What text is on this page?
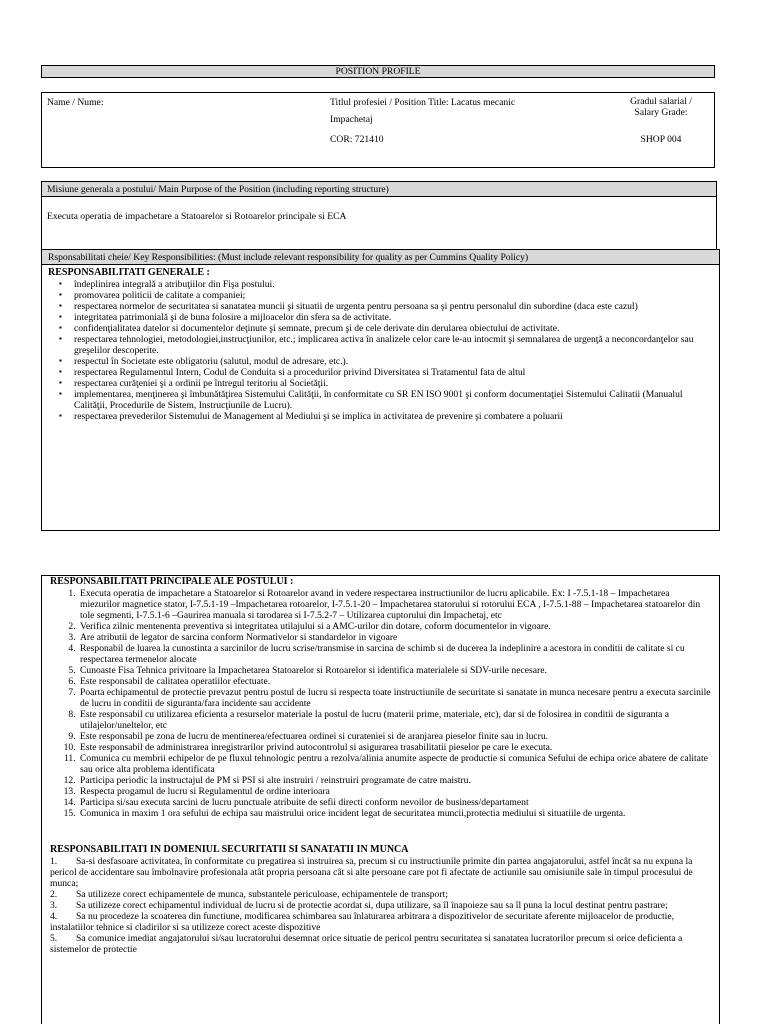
POSITION PROFILE
Name / Nume:	Titlul profesiei / Position Title: Lacatus mecanic
Impachetaj
COR: 721410
Gradul salarial /
Salary Grade:
SHOP 004
Misiune generala a postului/ Main Purpose of the Position (including reporting structure)

Executa operatia de impachetare a Statoarelor si Rotoarelor principale si ECA

Rsponsabilitati cheie/ Key Responsibilities: (Must include relevant responsibility for quality as per Cummins Quality Policy)
RESPONSABILITATI GENERALE :
▪ îndeplinirea integrală a atribuţiilor din Fişa postului.
▪ promovarea politicii de calitate a companiei;
▪ respectarea normelor de securitatea si sanatatea muncii şi situatii de urgenta pentru persoana sa şi pentru personalul din subordine (daca este cazul)
▪ integritatea patrimonială şi de buna folosire a mijloacelor din sfera sa de activitate.
▪ confidenţialitatea datelor si documentelor deţinute şi semnate, precum şi de cele derivate din derularea obiectului de activitate.
▪ respectarea tehnologiei, metodologiei,instrucţiunilor, etc.; implicarea activa în analizele celor care le-au intocmit şi semnalarea de urgenţă a neconcordanţelor sau greşelilor descoperite.
▪ respectul în Societate este obligatoriu (salutul, modul de adresare, etc.).
▪ respectarea Regulamentul Intern, Codul de Conduita si a procedurilor privind Diversitatea si Tratamentul fata de altul
▪ respectarea curăţeniei şi a ordinii pe întregul teritoriu al Societăţii.
▪ implementarea, menţinerea şi îmbunătăţirea Sistemului Calităţii, în conformitate cu SR EN ISO 9001 şi conform documentaţiei Sistemului Calitatii (Manualul Calităţii, Procedurile de Sistem, Instrucţiunile de Lucru).
▪ respectarea prevederilor Sistemului de Management al Mediului şi se implica in activitatea de prevenire şi combatere a poluarii
RESPONSABILITATI PRINCIPALE ALE POSTULUI :
1. Executa operatia de impachetare a Statoarelor si Rotoarelor avand in vedere respectarea instructiunilor de lucru aplicabile. Ex: I -7.5.1-18 – Impachetarea miezurilor magnetice stator, I-7.5.1-19 –Impachetarea rotoarelor, I-7.5.1-20 – Impachetarea statorului si rotorului ECA , I-7.5.1-88 – Impachetarea statoarelor din tole segmenti, I-7.5.1-6 –Gaurirea manuala si tarodarea si I-7.5.2-7 – Utilizarea cuptorului din Impachetaj, etc
2. Verifica zilnic mentenenta preventiva si integritatea utilajului si a AMC-urilor din dotare, coform documentelor in vigoare.
3. Are atributii de legator de sarcina conform Normativelor si standardelor in vigoare
4. Responabil de luarea la cunostinta a sarcinilor de lucru scrise/transmise in sarcina de schimb si de ducerea la indeplinire a acestora in conditii de calitate si cu respectarea termenelor alocate
5. Cunoaste Fisa Tehnica privitoare la Impachetarea Statoarelor si Rotoarelor si identifica materialele si SDV-urile necesare.
6. Este responsabil de calitatea operatiilor efectuate.
7. Poarta echipamentul de protectie prevazut pentru postul de lucru si respecta toate instructiunile de securitate si sanatate in munca necesare pentru a executa sarcinile de lucru in conditii de siguranta/fara incidente sau accidente
8. Este responsabil cu utilizarea eficienta a resurselor materiale la postul de lucru (materii prime, materiale, etc), dar si de folosirea in conditii de siguranta a utilajelor/uneltelor, etc
9. Este responsabil pe zona de lucru de mentinerea/efectuarea ordinei si curateniei si de aranjarea pieselor finite sau in lucru.
10. Este responsabil de administrarea inregistrarilor privind autocontrolul si asigurarea trasabilitatii pieselor pe care le executa.
11. Comunica cu membrii echipelor de pe fluxul tehnologic pentru a rezolva/alinia anumite aspecte de productie si comunica Sefului de echipa orice abatere de calitate sau orice alta problema identificata
12. Participa periodic la instructajul de PM si PSI si alte instruiri / reinstruiri programate de catre maistru.
13. Respecta progamul de lucru si Regulamentul de ordine interioara
14. Participa si/sau executa sarcini de lucru punctuale atribuite de sefii directi conform nevoilor de business/departament
15. Comunica in maxim 1 ora sefului de echipa sau maistrului orice incident legat de securitatea muncii,protectia mediului si situatiile de urgenta.
RESPONSABILITATI IN DOMENIUL SECURITATII SI SANATATII IN MUNCA
1. Sa-si desfasoare activitatea, în conformitate cu pregatirea si instruirea sa, precum si cu instructiunile primite din partea angajatorului, astfel încât sa nu expuna la pericol de accidentare sau îmbolnavire profesionala atât propria persoana cât si alte persoane care pot fi afectate de actiunile sau omisiunile sale în timpul procesului de munca;
2. Sa utilizeze corect echipamentele de munca, substantele periculoase, echipamentele de transport;
3. Sa utilizeze corect echipamentul individual de lucru si de protectie acordat si, dupa utilizare, sa îl înapoieze sau sa îl puna la locul destinat pentru pastrare;
4. Sa nu procedeze la scoaterea din functiune, modificarea schimbarea sau înlaturarea arbitrara a dispozitivelor de securitate aferente mijloacelor de productie, instalatiilor tehnice si cladirilor si sa utilizeze corect aceste dispozitive
5. Sa comunice imediat angajatorului si/sau lucratorului desemnat orice situatie de pericol pentru securitatea si sanatatea lucratorilor precum si orice deficienta a sistemelor de protectie
